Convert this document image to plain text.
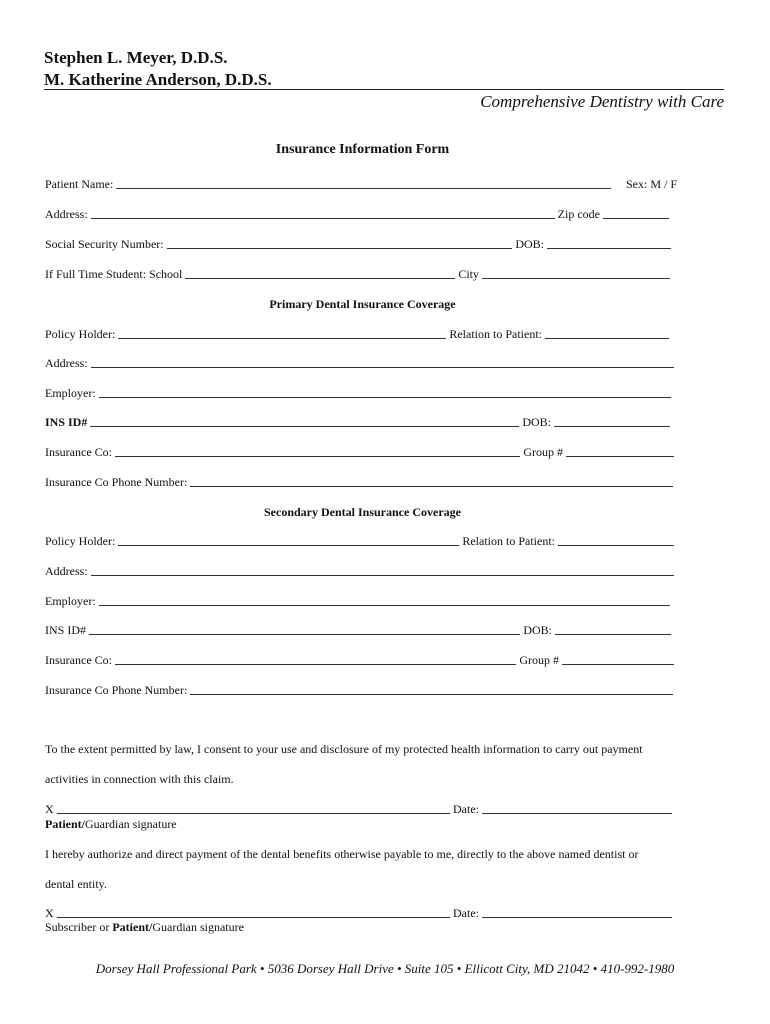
Stephen L. Meyer, D.D.S.
M. Katherine Anderson, D.D.S.
Comprehensive Dentistry with Care
Insurance Information Form
Patient Name:	Sex: M / F
Address:	Zip code
Social Security Number:	DOB:
If Full Time Student: School	City
Primary Dental Insurance Coverage
Policy Holder:	Relation to Patient:
Address:
Employer:
INS ID#	DOB:
Insurance Co:	Group #
Insurance Co Phone Number:
Secondary Dental Insurance Coverage
Policy Holder:	Relation to Patient:
Address:
Employer:
INS ID#	DOB:
Insurance Co:	Group #
Insurance Co Phone Number:
To the extent permitted by law, I consent to your use and disclosure of my protected health information to carry out payment
activities in connection with this claim.
X	Date:
Patient/Guardian signature
I hereby authorize and direct payment of the dental benefits otherwise payable to me, directly to the above named dentist or
dental entity.
X	Date:
Subscriber or Patient/Guardian signature
Dorsey Hall Professional Park • 5036 Dorsey Hall Drive • Suite 105 • Ellicott City, MD 21042 • 410-992-1980
